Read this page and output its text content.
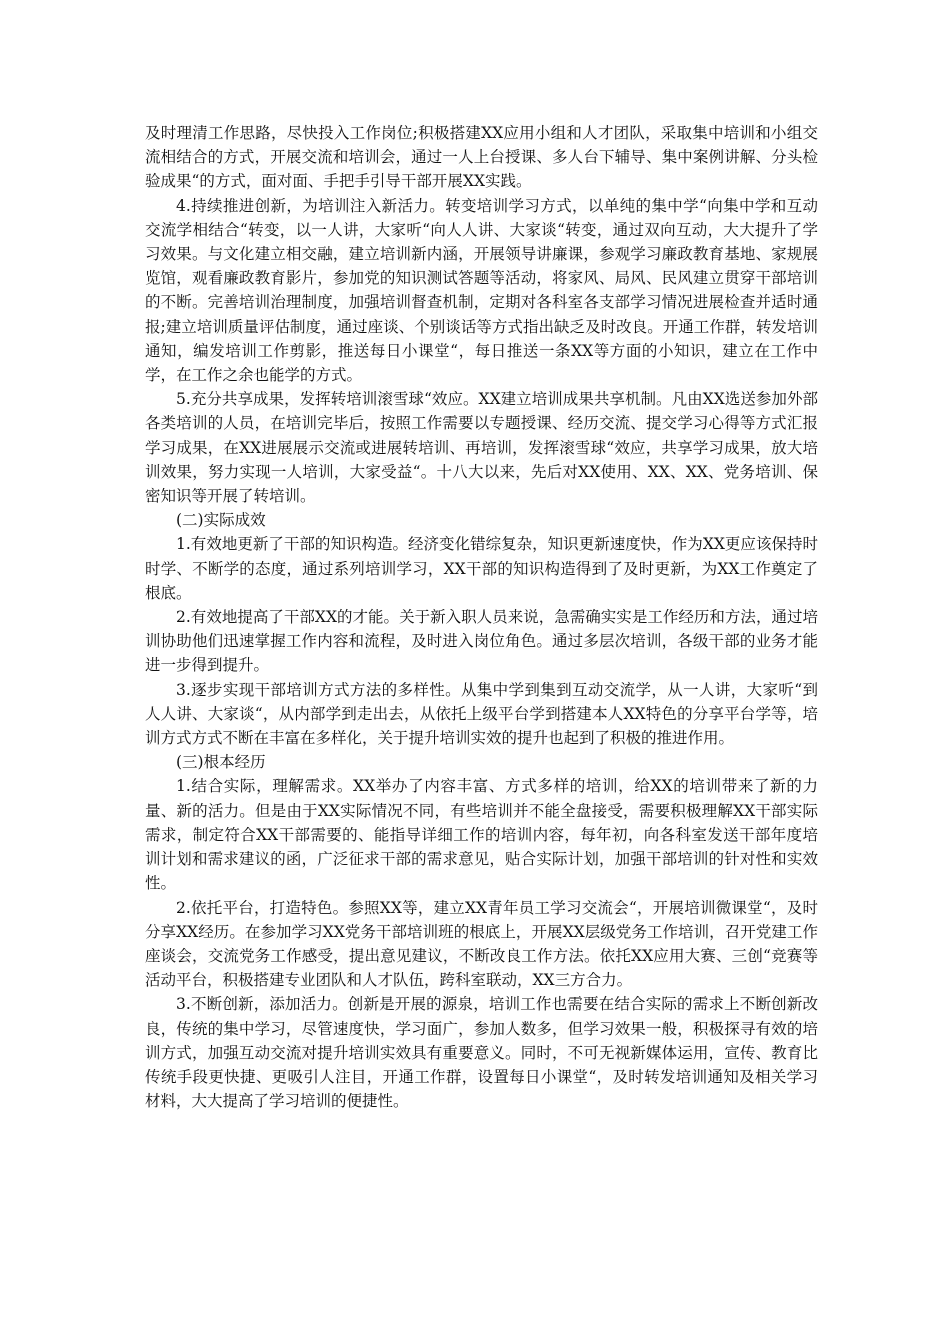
及时理清工作思路，尽快投入工作岗位;积极搭建XX应用小组和人才团队，采取集中培训和小组交流相结合的方式，开展交流和培训会，通过一人上台授课、多人台下辅导、集中案例讲解、分头检验成果“的方式，面对面、手把手引导干部开展XX实践。

4.持续推进创新，为培训注入新活力。转变培训学习方式，以单纯的集中学“向集中学和互动交流学相结合“转变，以一人讲，大家听“向人人讲、大家谈“转变，通过双向互动，大大提升了学习效果。与文化建立相交融，建立培训新内涵，开展领导讲廉课，参观学习廉政教育基地、家规展览馆，观看廉政教育影片，参加党的知识测试答题等活动，将家风、局风、民风建立贯穿干部培训的不断。完善培训治理制度，加强培训督查机制，定期对各科室各支部学习情况进展检查并适时通报;建立培训质量评估制度，通过座谈、个别谈话等方式指出缺乏及时改良。开通工作群，转发培训通知，编发培训工作剪影，推送每日小课堂“，每日推送一条XX等方面的小知识，建立在工作中学，在工作之余也能学的方式。

5.充分共享成果，发挥转培训滚雪球“效应。XX建立培训成果共享机制。凡由XX选送参加外部各类培训的人员，在培训完毕后，按照工作需要以专题授课、经历交流、提交学习心得等方式汇报学习成果，在XX进展展示交流或进展转培训、再培训，发挥滚雪球“效应，共享学习成果，放大培训效果，努力实现一人培训，大家受益“。十八大以来，先后对XX使用、XX、XX、党务培训、保密知识等开展了转培训。

(二)实际成效

1.有效地更新了干部的知识构造。经济变化错综复杂，知识更新速度快，作为XX更应该保持时时学、不断学的态度，通过系列培训学习，XX干部的知识构造得到了及时更新，为XX工作奠定了根底。

2.有效地提高了干部XX的才能。关于新入职人员来说，急需确实实是工作经历和方法，通过培训协助他们迅速掌握工作内容和流程，及时进入岗位角色。通过多层次培训，各级干部的业务才能进一步得到提升。

3.逐步实现干部培训方式方法的多样性。从集中学到集到互动交流学，从一人讲，大家听“到人人讲、大家谈“，从内部学到走出去，从依托上级平台学到搭建本人XX特色的分享平台学等，培训方式方式不断在丰富在多样化，关于提升培训实效的提升也起到了积极的推进作用。

(三)根本经历

1.结合实际，理解需求。XX举办了内容丰富、方式多样的培训，给XX的培训带来了新的力量、新的活力。但是由于XX实际情况不同，有些培训并不能全盘接受，需要积极理解XX干部实际需求，制定符合XX干部需要的、能指导详细工作的培训内容，每年初，向各科室发送干部年度培训计划和需求建议的函，广泛征求干部的需求意见，贴合实际计划，加强干部培训的针对性和实效性。

2.依托平台，打造特色。参照XX等，建立XX青年员工学习交流会“，开展培训微课堂“，及时分享XX经历。在参加学习XX党务干部培训班的根底上，开展XX层级党务工作培训，召开党建工作座谈会，交流党务工作感受，提出意见建议，不断改良工作方法。依托XX应用大赛、三创“竞赛等活动平台，积极搭建专业团队和人才队伍，跨科室联动，XX三方合力。

3.不断创新，添加活力。创新是开展的源泉，培训工作也需要在结合实际的需求上不断创新改良，传统的集中学习，尽管速度快，学习面广，参加人数多，但学习效果一般，积极探寻有效的培训方式，加强互动交流对提升培训实效具有重要意义。同时，不可无视新媒体运用，宣传、教育比传统手段更快捷、更吸引人注目，开通工作群，设置每日小课堂“，及时转发培训通知及相关学习材料，大大提高了学习培训的便捷性。
